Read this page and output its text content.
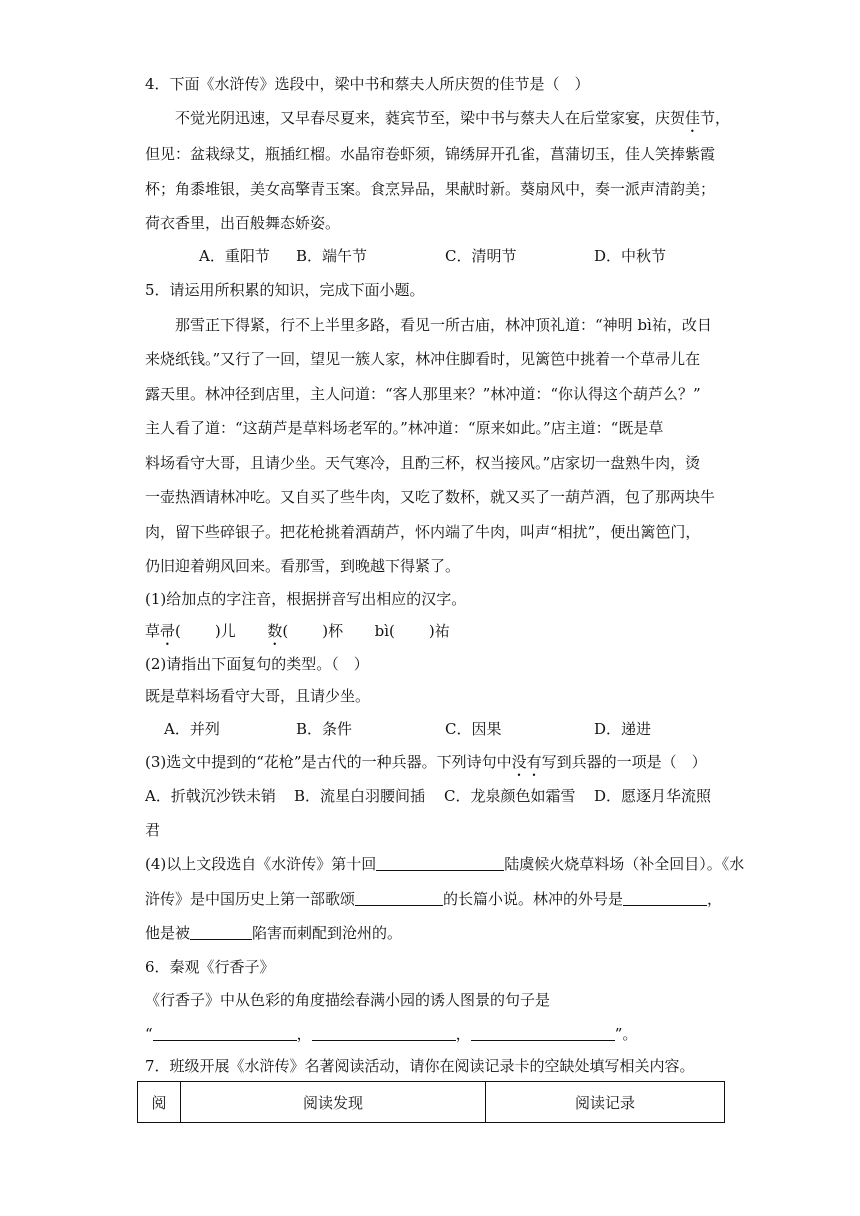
4．下面《水浒传》选段中，梁中书和蔡夫人所庆贺的佳节是（　）
不觉光阴迅速，又早春尽夏来，蕤宾节至，梁中书与蔡夫人在后堂家宴，庆贺佳节，
但见：盆栽绿艾，瓶插红榴。水晶帘卷虾须，锦绣屏开孔雀，菖蒲切玉，佳人笑捧紫霞
杯；角黍堆银，美女高擎青玉案。食烹异品，果献时新。葵扇风中，奏一派声清韵美；
荷衣香里，出百般舞态娇姿。
A．重阳节 B．端午节	C．清明节	D．中秋节
5．请运用所积累的知识，完成下面小题。
那雪正下得紧，行不上半里多路，看见一所古庙，林冲顶礼道：“神明 bì祐，改日
来烧纸钱。”又行了一回，望见一簇人家，林冲住脚看时，见篱笆中挑着一个草帚儿在
露天里。林冲径到店里，主人问道：“客人那里来？”林冲道：“你认得这个葫芦么？”
主人看了道：“这葫芦是草料场老军的。”林冲道：“原来如此。”店主道：“既是草
料场看守大哥，且请少坐。天气寒冷，且酌三杯，权当接风。”店家切一盘熟牛肉，烫
一壶热酒请林冲吃。又自买了些牛肉，又吃了数杯，就又买了一葫芦酒，包了那两块牛
肉，留下些碎银子。把花枪挑着酒葫芦，怀内端了牛肉，叫声“相扰”，便出篱笆门，
仍旧迎着朔风回来。看那雪，到晚越下得紧了。
(1)给加点的字注音，根据拼音写出相应的汉字。
草帚( )儿 数( )杯 bì( )祐
(2)请指出下面复句的类型。（　）
既是草料场看守大哥，且请少坐。
A．并列	B．条件	C．因果	D．递进
(3)选文中提到的“花枪”是古代的一种兵器。下列诗句中没有写到兵器的一项是（　）
A．折戟沉沙铁未销 B．流星白羽腰间插 C．龙泉颜色如霜雪 D．愿逐月华流照
君
(4)以上文段选自《水浒传》第十回	陆虞候火烧草料场（补全回目）。《水
浒传》是中国历史上第一部歌颂	的长篇小说。林冲的外号是	，
他是被	陷害而刺配到沧州的。
6．秦观《行香子》
《行香子》中从色彩的角度描绘春满小园的诱人图景的句子是
“	，	，	”。
7．班级开展《水浒传》名著阅读活动，请你在阅读记录卡的空缺处填写相关内容。
阅	阅读发现	阅读记录
